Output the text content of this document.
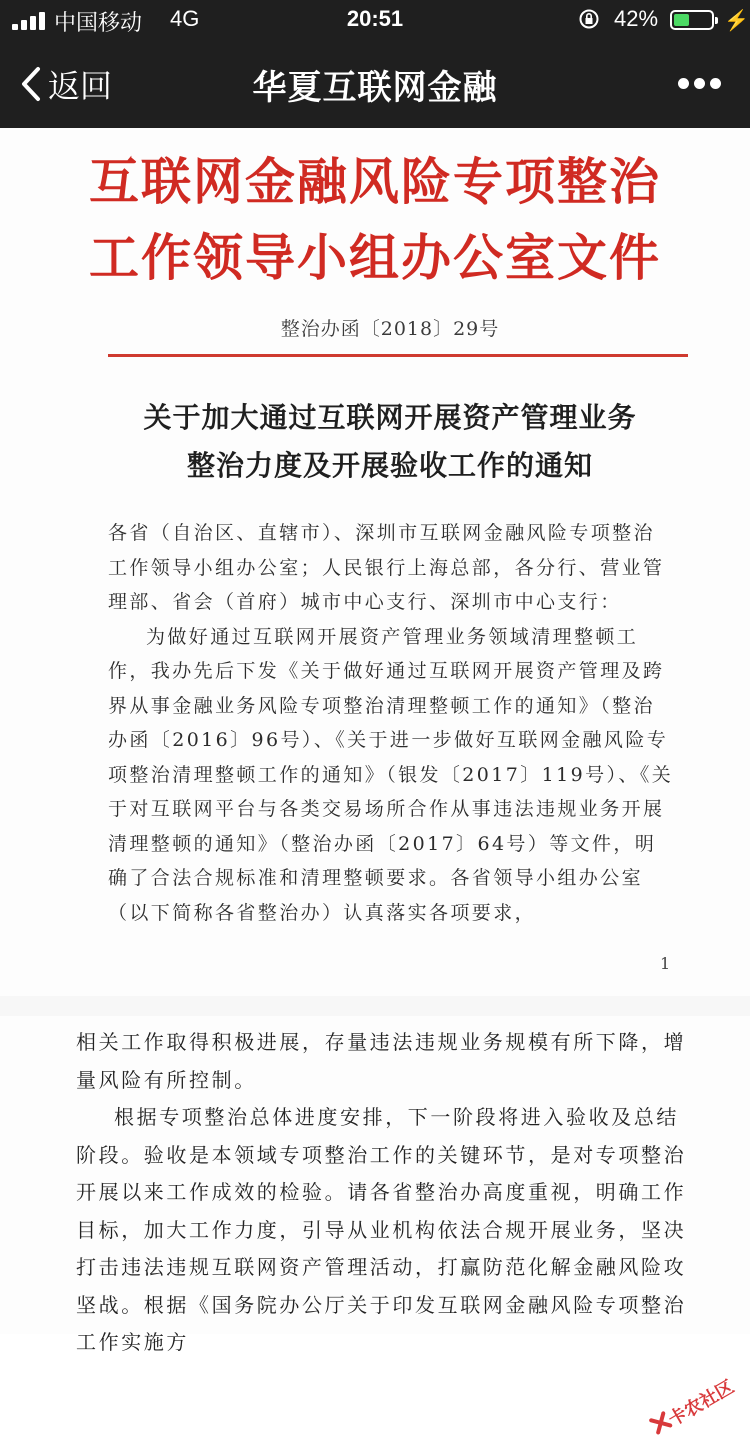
中国移动 4G	20:51	42%	⚡
返回	华夏互联网金融
互联网金融风险专项整治
工作领导小组办公室文件
整治办函〔2018〕29号
关于加大通过互联网开展资产管理业务
整治力度及开展验收工作的通知

各省（自治区、直辖市）、深圳市互联网金融风险专项整治工作领导小组办公室；人民银行上海总部，各分行、营业管理部、省会（首府）城市中心支行、深圳市中心支行：

为做好通过互联网开展资产管理业务领域清理整顿工作，我办先后下发《关于做好通过互联网开展资产管理及跨界从事金融业务风险专项整治清理整顿工作的通知》（整治办函〔2016〕96号）、《关于进一步做好互联网金融风险专项整治清理整顿工作的通知》（银发〔2017〕119号）、《关于对互联网平台与各类交易场所合作从事违法违规业务开展清理整顿的通知》（整治办函〔2017〕64号）等文件，明确了合法合规标准和清理整顿要求。各省领导小组办公室（以下简称各省整治办）认真落实各项要求，

1

相关工作取得积极进展，存量违法违规业务规模有所下降，增量风险有所控制。

根据专项整治总体进度安排，下一阶段将进入验收及总结阶段。验收是本领域专项整治工作的关键环节，是对专项整治开展以来工作成效的检验。请各省整治办高度重视，明确工作目标，加大工作力度，引导从业机构依法合规开展业务，坚决打击违法违规互联网资产管理活动，打赢防范化解金融风险攻坚战。根据《国务院办公厅关于印发互联网金融风险专项整治工作实施方

卡农社区
